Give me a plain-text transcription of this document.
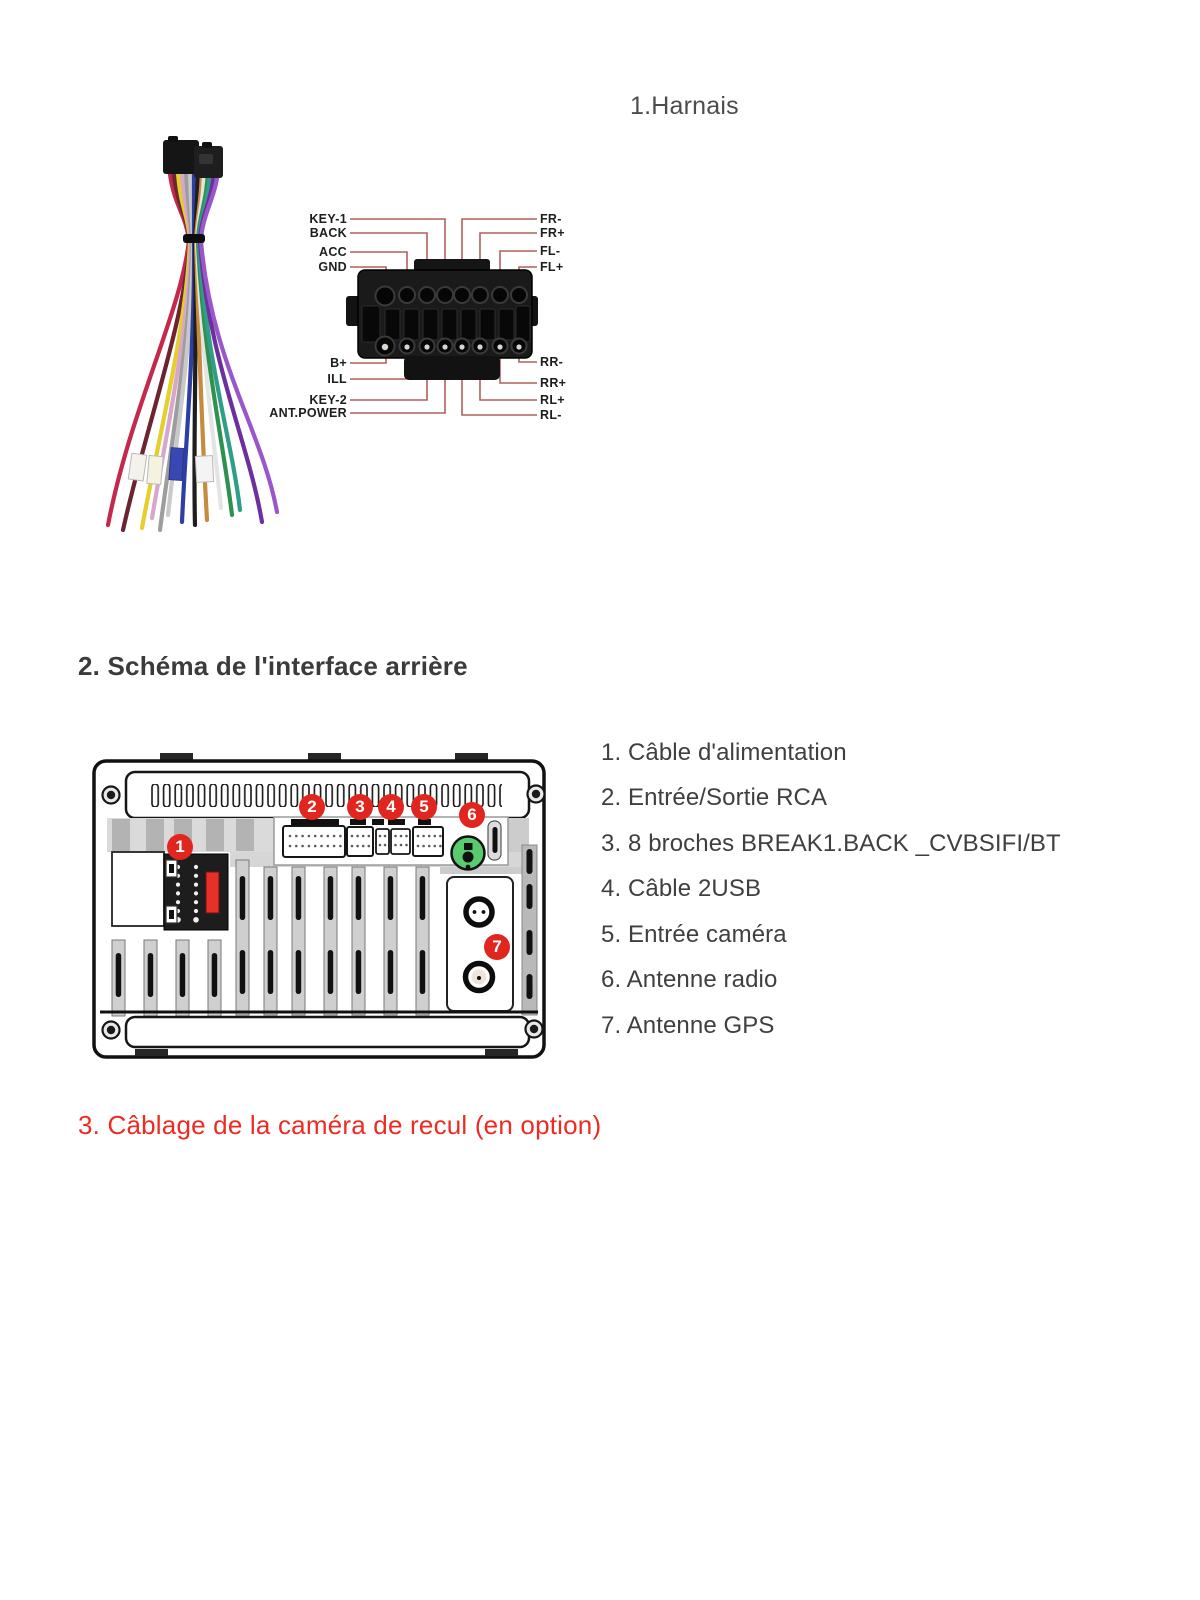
1.Harnais
KEY-1
BACK
ACC
GND
FR-
FR+
FL-
FL+
B+
ILL
KEY-2
ANT.POWER
RR-
RR+
RL+
RL-
2. Schéma de l'interface arrière
1
2	3	4	5	6
7
1. Câble d'alimentation
2. Entrée/Sortie RCA
3. 8 broches BREAK1.BACK _CVBSIFI/BT
4. Câble 2USB
5. Entrée caméra
6. Antenne radio
7. Antenne GPS
3. Câblage de la caméra de recul (en option)
